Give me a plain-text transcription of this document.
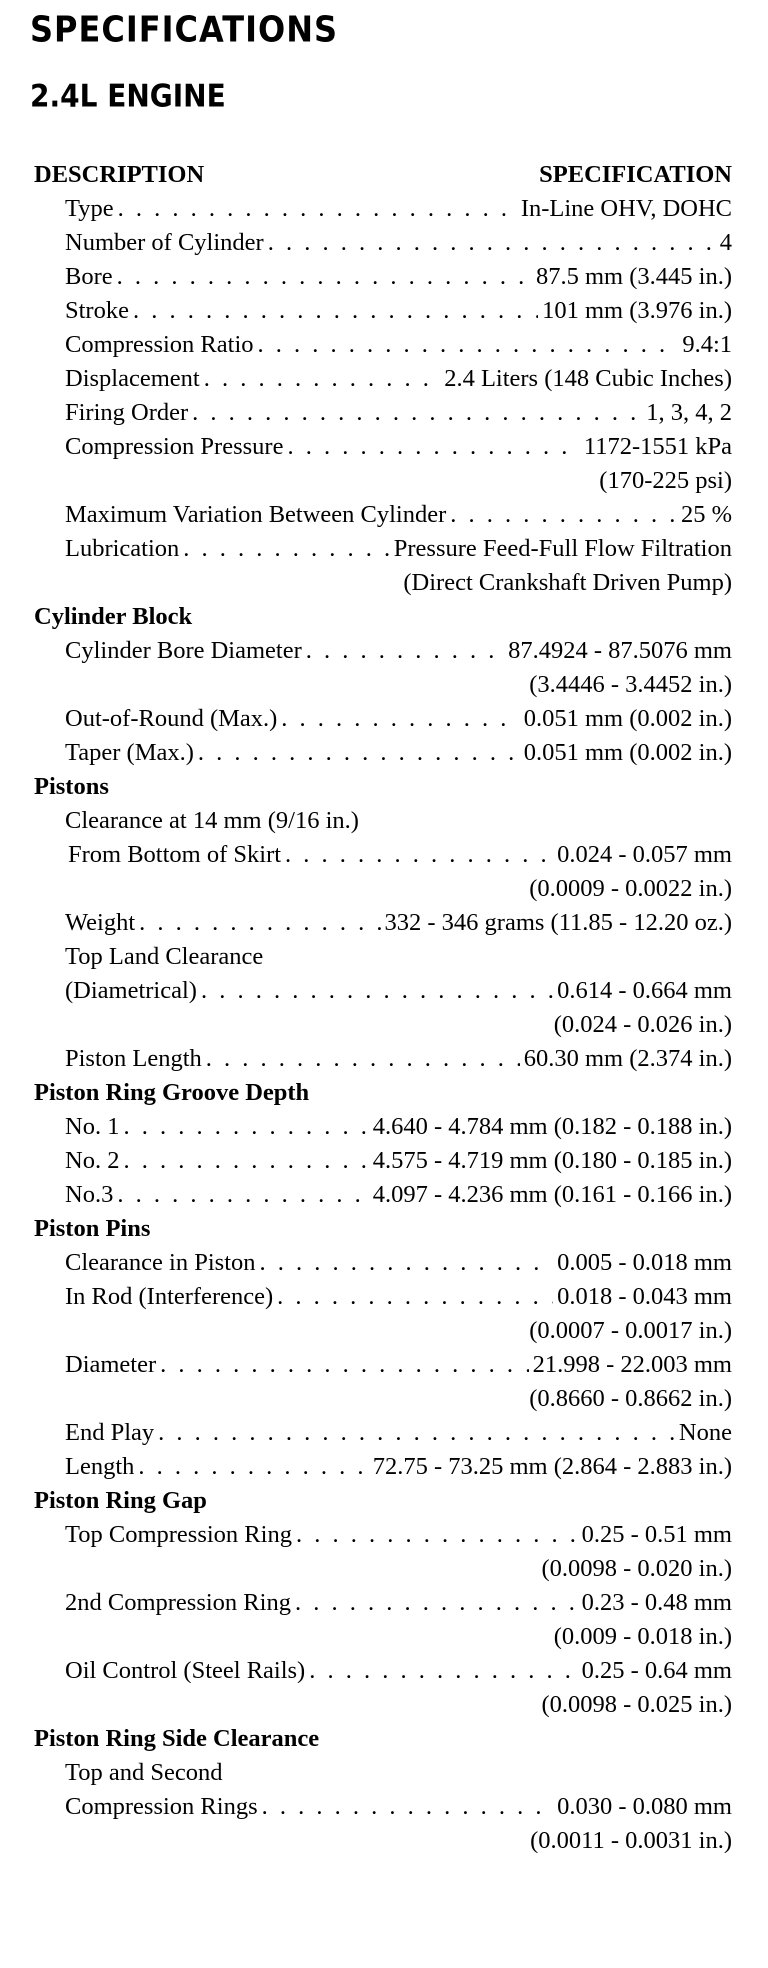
SPECIFICATIONS
2.4L ENGINE
DESCRIPTION	SPECIFICATION
Type . . .	In-Line OHV, DOHC
Number of Cylinder . . .	4
Bore . . .	87.5 mm (3.445 in.)
Stroke . . .	101 mm (3.976 in.)
Compression Ratio . . .	9.4:1
Displacement . . .	2.4 Liters (148 Cubic Inches)
Firing Order . . .	1, 3, 4, 2
Compression Pressure . . .	1172-1551 kPa
(170-225 psi)
Maximum Variation Between Cylinder . . .	25 %
Lubrication . . .	Pressure Feed-Full Flow Filtration
(Direct Crankshaft Driven Pump)
Cylinder Block
Cylinder Bore Diameter . . .	87.4924 - 87.5076 mm
(3.4446 - 3.4452 in.)
Out-of-Round (Max.) . . .	0.051 mm (0.002 in.)
Taper (Max.) . . .	0.051 mm (0.002 in.)
Pistons
Clearance at 14 mm (9/16 in.)
From Bottom of Skirt . . .	0.024 - 0.057 mm
(0.0009 - 0.0022 in.)
Weight . . .	332 - 346 grams (11.85 - 12.20 oz.)
Top Land Clearance
(Diametrical) . . .	0.614 - 0.664 mm
(0.024 - 0.026 in.)
Piston Length . . .	60.30 mm (2.374 in.)
Piston Ring Groove Depth
No. 1 . . .	4.640 - 4.784 mm (0.182 - 0.188 in.)
No. 2 . . .	4.575 - 4.719 mm (0.180 - 0.185 in.)
No.3 . . .	4.097 - 4.236 mm (0.161 - 0.166 in.)
Piston Pins
Clearance in Piston . . .	0.005 - 0.018 mm
In Rod (Interference) . . .	0.018 - 0.043 mm
(0.0007 - 0.0017 in.)
Diameter . . .	21.998 - 22.003 mm
(0.8660 - 0.8662 in.)
End Play . . .	None
Length . . .	72.75 - 73.25 mm (2.864 - 2.883 in.)
Piston Ring Gap
Top Compression Ring . . .	0.25 - 0.51 mm
(0.0098 - 0.020 in.)
2nd Compression Ring . . .	0.23 - 0.48 mm
(0.009 - 0.018 in.)
Oil Control (Steel Rails) . . .	0.25 - 0.64 mm
(0.0098 - 0.025 in.)
Piston Ring Side Clearance
Top and Second
Compression Rings . . .	0.030 - 0.080 mm
(0.0011 - 0.0031 in.)
